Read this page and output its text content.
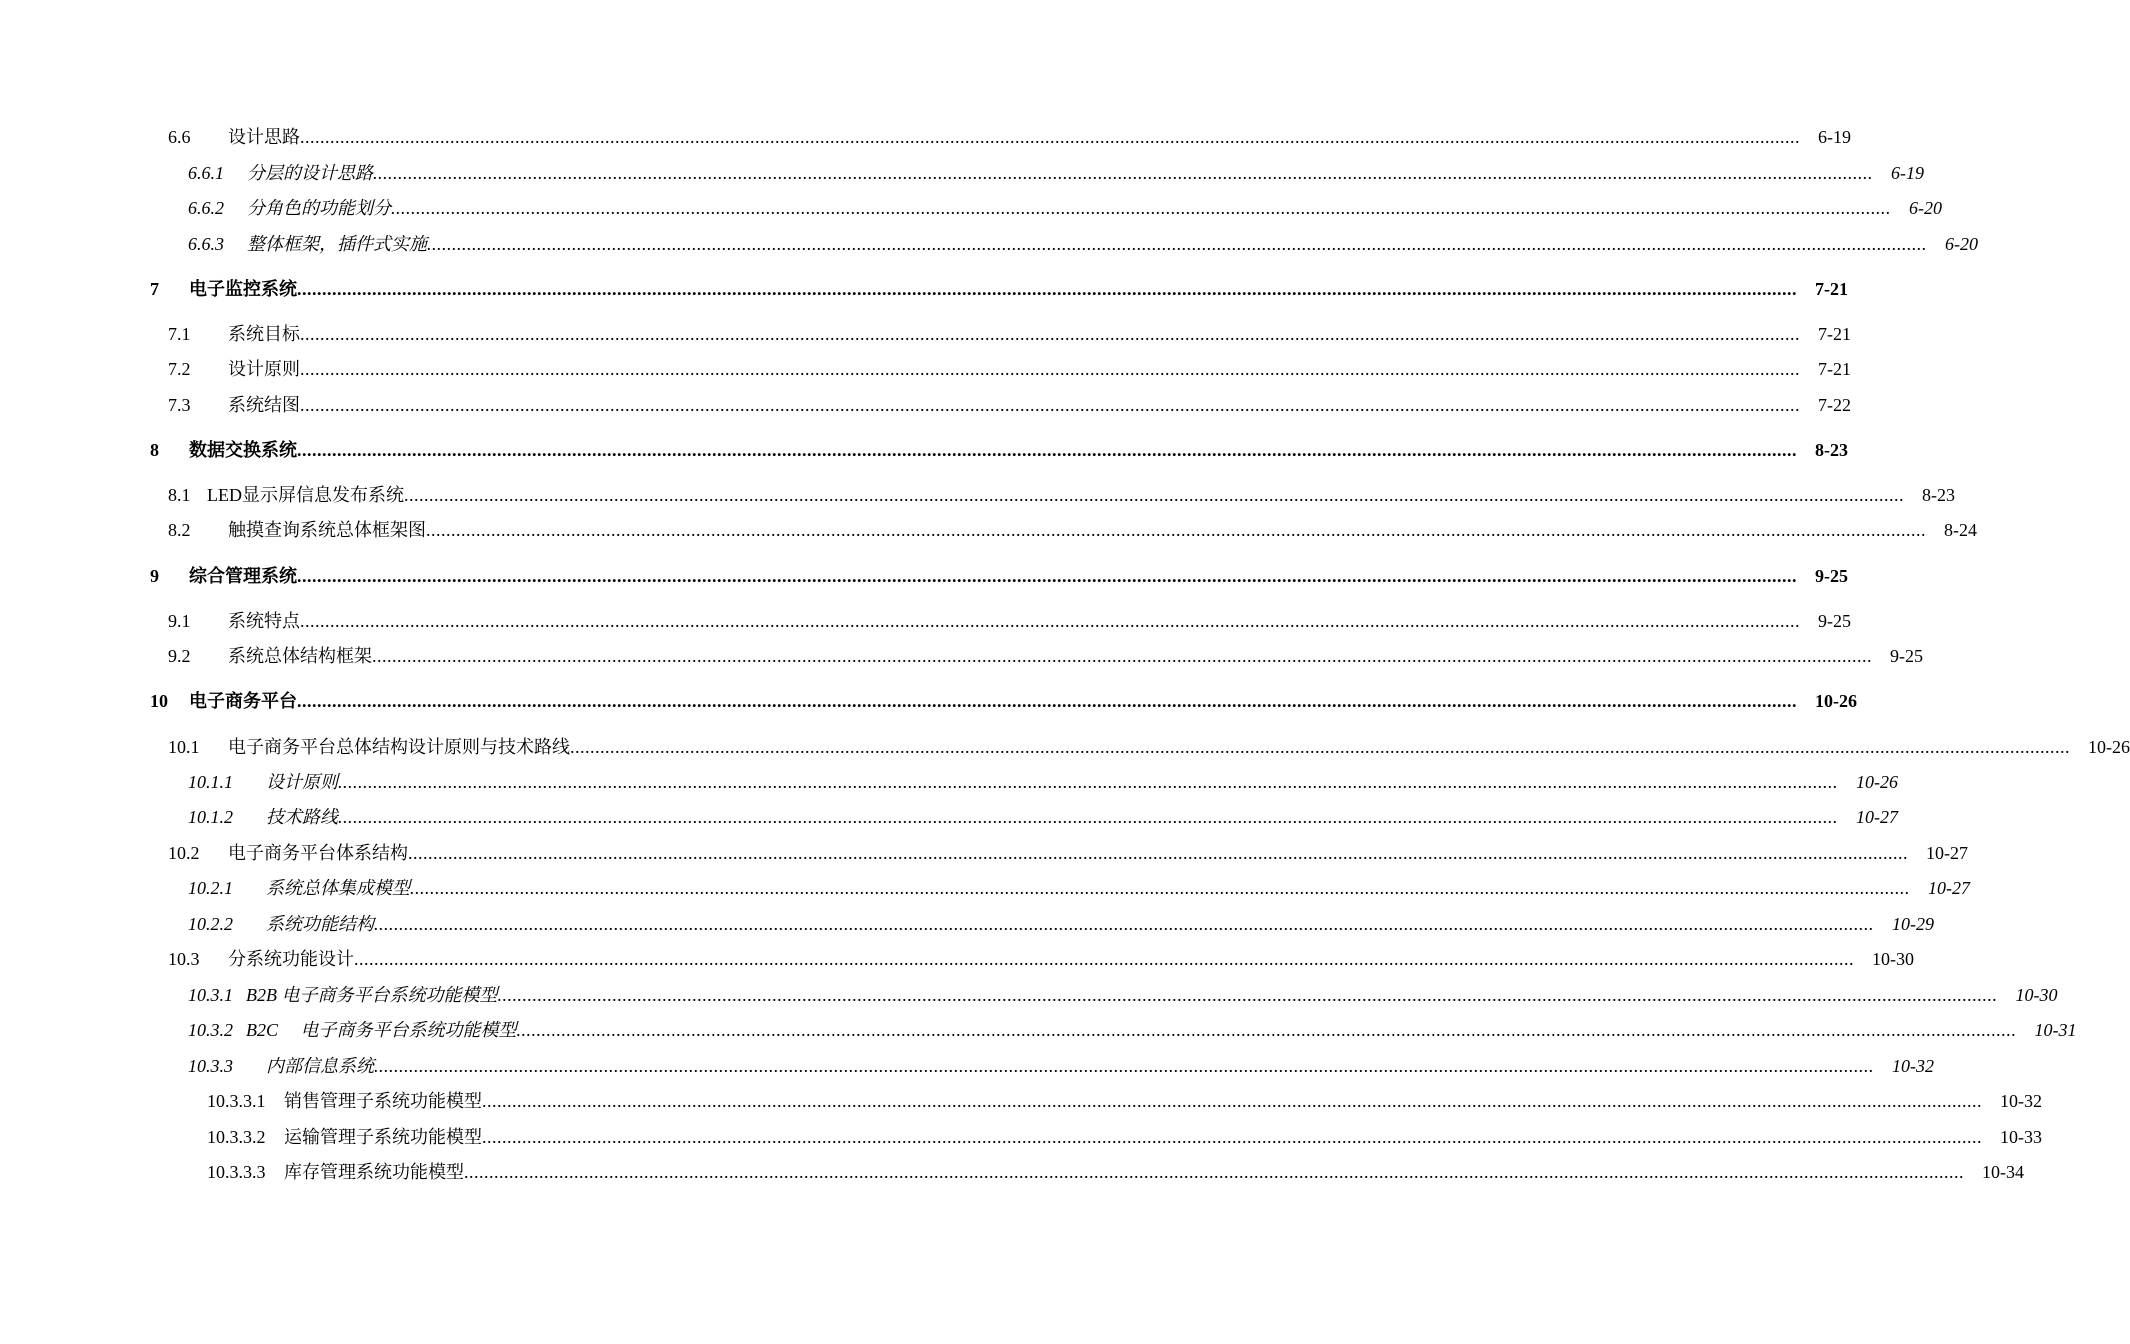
6.6	设计思路 ............................................................................................................................................................................................................................................................................................................ 6-19
6.6.1	分层的设计思路 ............................................................................................................................................................................................................................................................................................................ 6-19
6.6.2	分角色的功能划分 ............................................................................................................................................................................................................................................................................................................ 6-20
6.6.3	整体框架，插件式实施 ............................................................................................................................................................................................................................................................................................................ 6-20
7	电子监控系统 ............................................................................................................................................................................................................................................................................................................ 7-21
7.1	系统目标 ............................................................................................................................................................................................................................................................................................................ 7-21
7.2	设计原则 ............................................................................................................................................................................................................................................................................................................ 7-21
7.3	系统结图 ............................................................................................................................................................................................................................................................................................................ 7-22
8	数据交换系统 ............................................................................................................................................................................................................................................................................................................ 8-23
8.1 LED显示屏信息发布系统 ............................................................................................................................................................................................................................................................................................................ 8-23
8.2	触摸查询系统总体框架图 ............................................................................................................................................................................................................................................................................................................ 8-24
9	综合管理系统 ............................................................................................................................................................................................................................................................................................................ 9-25
9.1	系统特点 ............................................................................................................................................................................................................................................................................................................ 9-25
9.2	系统总体结构框架 ............................................................................................................................................................................................................................................................................................................ 9-25
10	电子商务平台 ............................................................................................................................................................................................................................................................................................................ 10-26
10.1	电子商务平台总体结构设计原则与技术路线 ............................................................................................................................................................................................................................................................................................................ 10-26
10.1.1	设计原则 ............................................................................................................................................................................................................................................................................................................ 10-26
10.1.2	技术路线 ............................................................................................................................................................................................................................................................................................................ 10-27
10.2	电子商务平台体系结构 ............................................................................................................................................................................................................................................................................................................ 10-27
10.2.1	系统总体集成模型 ............................................................................................................................................................................................................................................................................................................ 10-27
10.2.2	系统功能结构 ............................................................................................................................................................................................................................................................................................................ 10-29
10.3	分系统功能设计 ............................................................................................................................................................................................................................................................................................................ 10-30
10.3.1 B2B 电子商务平台系统功能模型 ............................................................................................................................................................................................................................................................................................................ 10-30
10.3.2 B2C　 电子商务平台系统功能模型 ............................................................................................................................................................................................................................................................................................................ 10-31
10.3.3	内部信息系统 ............................................................................................................................................................................................................................................................................................................ 10-32
10.3.3.1	销售管理子系统功能模型 ............................................................................................................................................................................................................................................................................................................ 10-32
10.3.3.2	运输管理子系统功能模型 ............................................................................................................................................................................................................................................................................................................ 10-33
10.3.3.3	库存管理系统功能模型 ............................................................................................................................................................................................................................................................................................................ 10-34
